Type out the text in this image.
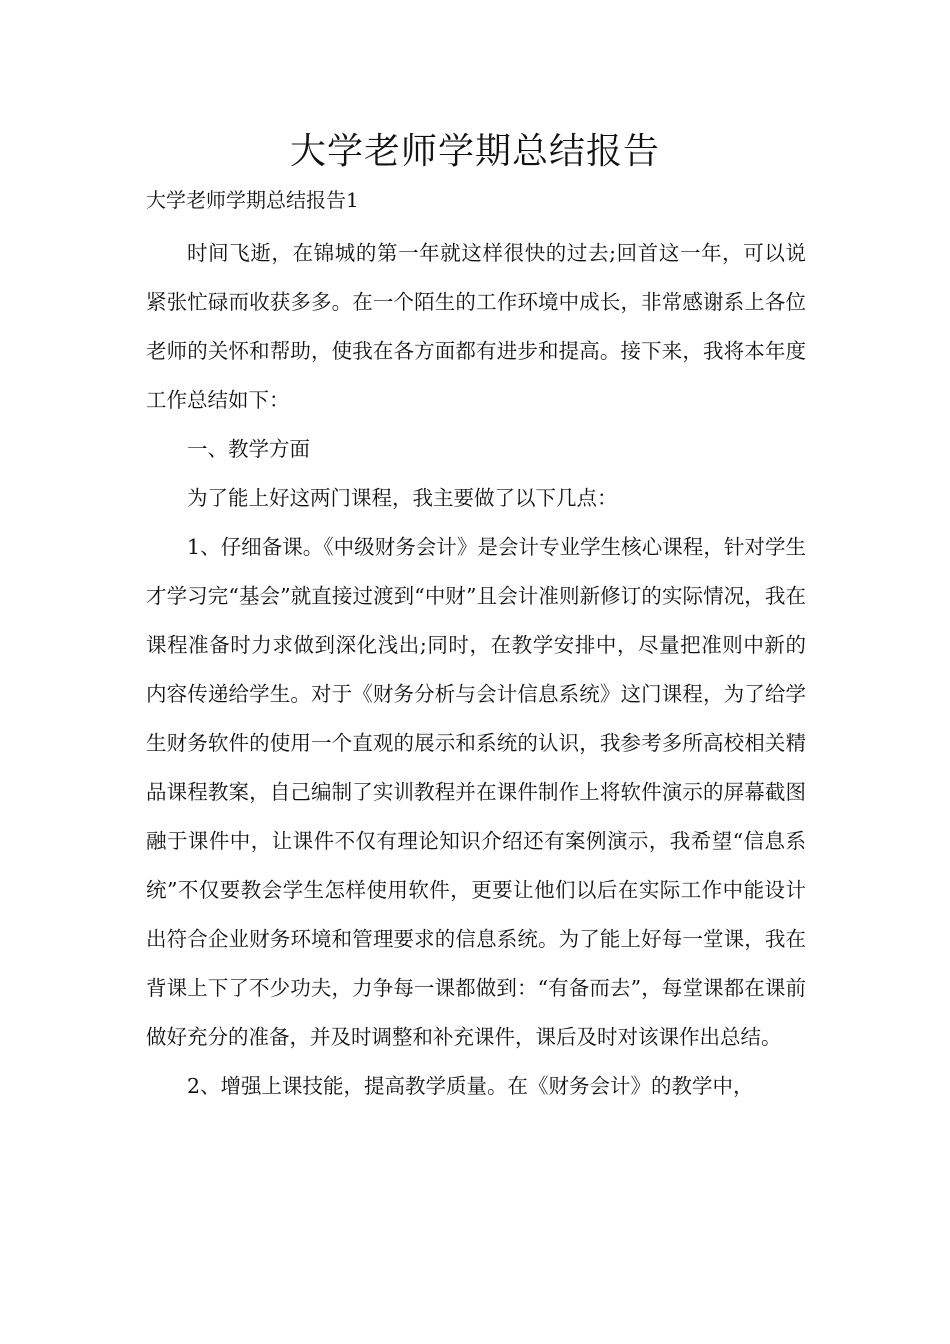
大学老师学期总结报告

大学老师学期总结报告1

时间飞逝，在锦城的第一年就这样很快的过去;回首这一年，可以说紧张忙碌而收获多多。在一个陌生的工作环境中成长，非常感谢系上各位老师的关怀和帮助，使我在各方面都有进步和提高。接下来，我将本年度工作总结如下：

一、教学方面

为了能上好这两门课程，我主要做了以下几点：

1、仔细备课。《中级财务会计》是会计专业学生核心课程，针对学生才学习完“基会”就直接过渡到“中财”且会计准则新修订的实际情况，我在课程准备时力求做到深化浅出;同时，在教学安排中，尽量把准则中新的内容传递给学生。对于《财务分析与会计信息系统》这门课程，为了给学生财务软件的使用一个直观的展示和系统的认识，我参考多所高校相关精品课程教案，自己编制了实训教程并在课件制作上将软件演示的屏幕截图融于课件中，让课件不仅有理论知识介绍还有案例演示，我希望“信息系统”不仅要教会学生怎样使用软件，更要让他们以后在实际工作中能设计出符合企业财务环境和管理要求的信息系统。为了能上好每一堂课，我在背课上下了不少功夫，力争每一课都做到：“有备而去”，每堂课都在课前做好充分的准备，并及时调整和补充课件，课后及时对该课作出总结。

2、增强上课技能，提高教学质量。在《财务会计》的教学中，
